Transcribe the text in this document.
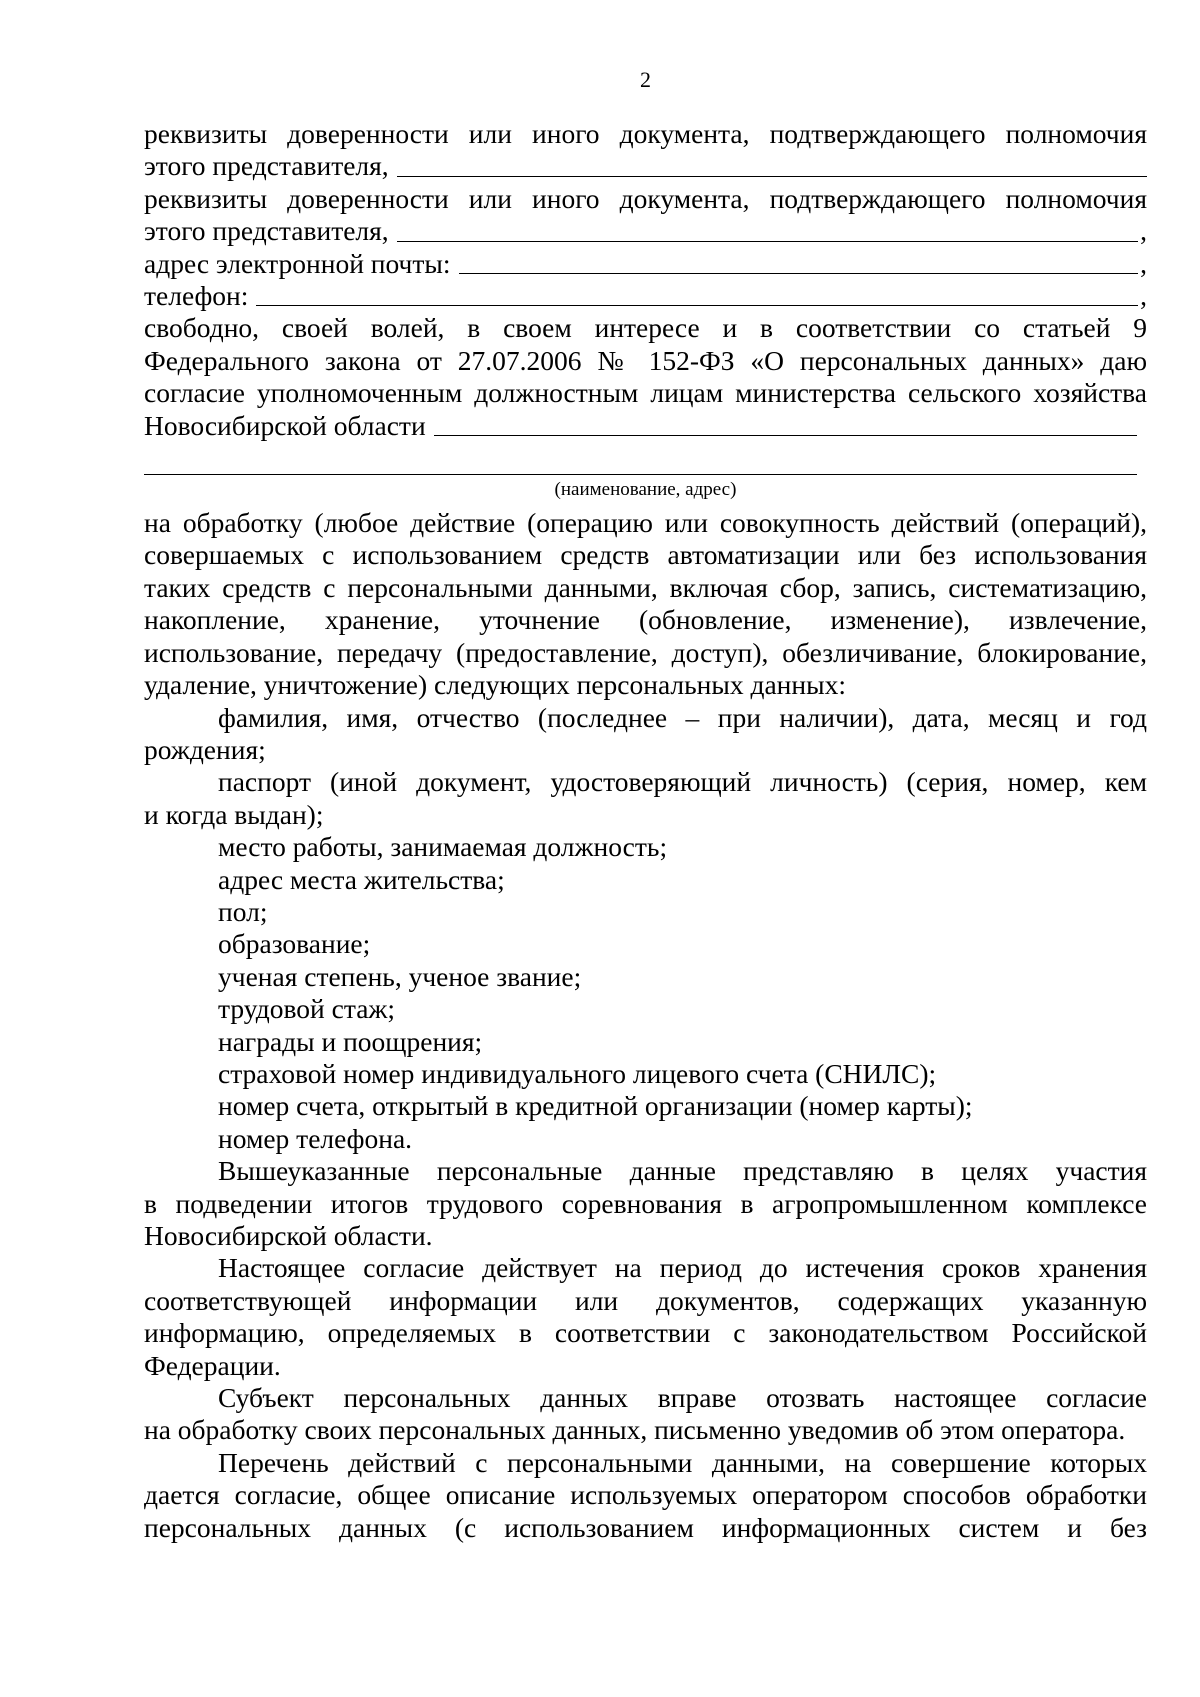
2
реквизиты доверенности или иного документа, подтверждающего полномочия
этого представителя,
реквизиты доверенности или иного документа, подтверждающего полномочия
этого представителя,	,
адрес электронной почты:	,
телефон:	,
свободно, своей волей, в своем интересе и в соответствии со статьей 9
Федерального закона от 27.07.2006 № 152-ФЗ «О персональных данных» даю
согласие уполномоченным должностным лицам министерства сельского хозяйства
Новосибирской области
(наименование, адрес)
на обработку (любое действие (операцию или совокупность действий (операций),
совершаемых с использованием средств автоматизации или без использования
таких средств с персональными данными, включая сбор, запись, систематизацию,
накопление, хранение, уточнение (обновление, изменение), извлечение,
использование, передачу (предоставление, доступ), обезличивание, блокирование,
удаление, уничтожение) следующих персональных данных:
фамилия, имя, отчество (последнее – при наличии), дата, месяц и год
рождения;
паспорт (иной документ, удостоверяющий личность) (серия, номер, кем
и когда выдан);
место работы, занимаемая должность;
адрес места жительства;
пол;
образование;
ученая степень, ученое звание;
трудовой стаж;
награды и поощрения;
страховой номер индивидуального лицевого счета (СНИЛС);
номер счета, открытый в кредитной организации (номер карты);
номер телефона.
Вышеуказанные персональные данные представляю в целях участия
в подведении итогов трудового соревнования в агропромышленном комплексе
Новосибирской области.
Настоящее согласие действует на период до истечения сроков хранения
соответствующей информации или документов, содержащих указанную
информацию, определяемых в соответствии с законодательством Российской
Федерации.
Субъект персональных данных вправе отозвать настоящее согласие
на обработку своих персональных данных, письменно уведомив об этом оператора.
Перечень действий с персональными данными, на совершение которых
дается согласие, общее описание используемых оператором способов обработки
персональных данных (с использованием информационных систем и без
